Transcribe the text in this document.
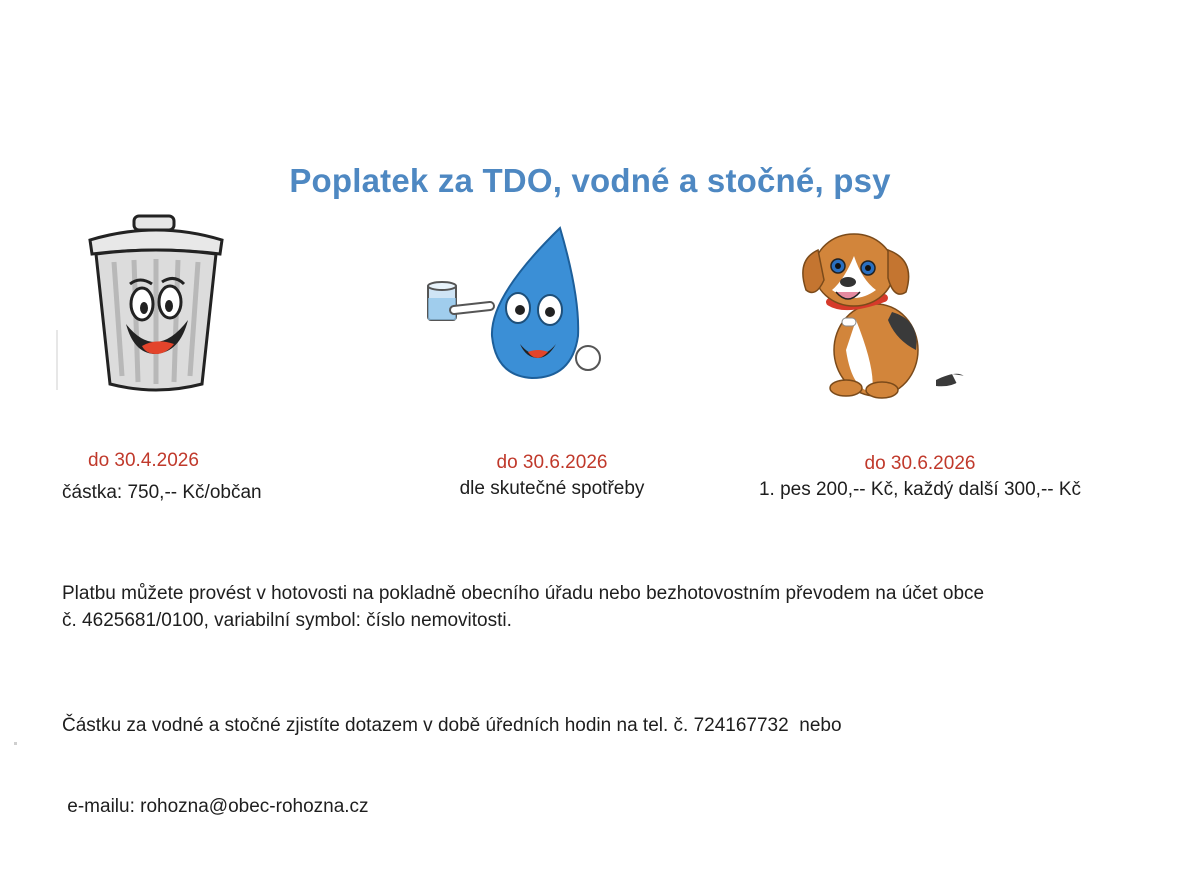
Poplatek za TDO, vodné a stočné, psy
do 30.4.2026
částka: 750,-- Kč/občan
do 30.6.2026
dle skutečné spotřeby
do 30.6.2026
1. pes 200,-- Kč, každý další 300,-- Kč
Platbu můžete provést v hotovosti na pokladně obecního úřadu nebo bezhotovostním převodem na účet obce
č. 4625681/0100, variabilní symbol: číslo nemovitosti.

Částku za vodné a stočné zjistíte dotazem v době úředních hodin na tel. č. 724167732  nebo

e-mailu: rohozna@obec-rohozna.cz
